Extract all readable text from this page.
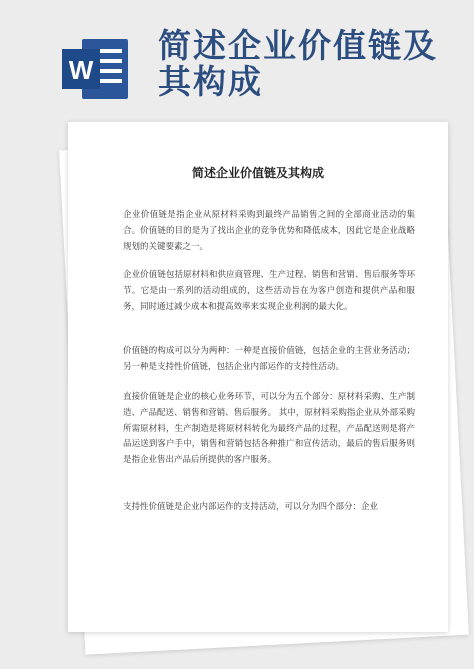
W
简述企业价值链及其构成
简述企业价值链及其构成
企业价值链是指企业从原材料采购到最终产品销售之间的全部商业活动的集合。价值链的目的是为了找出企业的竞争优势和降低成本，因此它是企业战略规划的关键要素之一。
企业价值链包括原材料和供应商管理、生产过程、销售和营销、售后服务等环节。它是由一系列的活动组成的，这些活动旨在为客户创造和提供产品和服务，同时通过减少成本和提高效率来实现企业利润的最大化。
价值链的构成可以分为两种：一种是直接价值链，包括企业的主营业务活动；另一种是支持性价值链，包括企业内部运作的支持性活动。
直接价值链是企业的核心业务环节，可以分为五个部分：原材料采购、生产制造、产品配送、销售和营销、售后服务。 其中，原材料采购指企业从外部采购所需原材料，生产制造是将原材料转化为最终产品的过程，产品配送则是将产品运送到客户手中，销售和营销包括各种推广和宣传活动，最后的售后服务则是指企业售出产品后所提供的客户服务。
支持性价值链是企业内部运作的支持活动，可以分为四个部分：企业
